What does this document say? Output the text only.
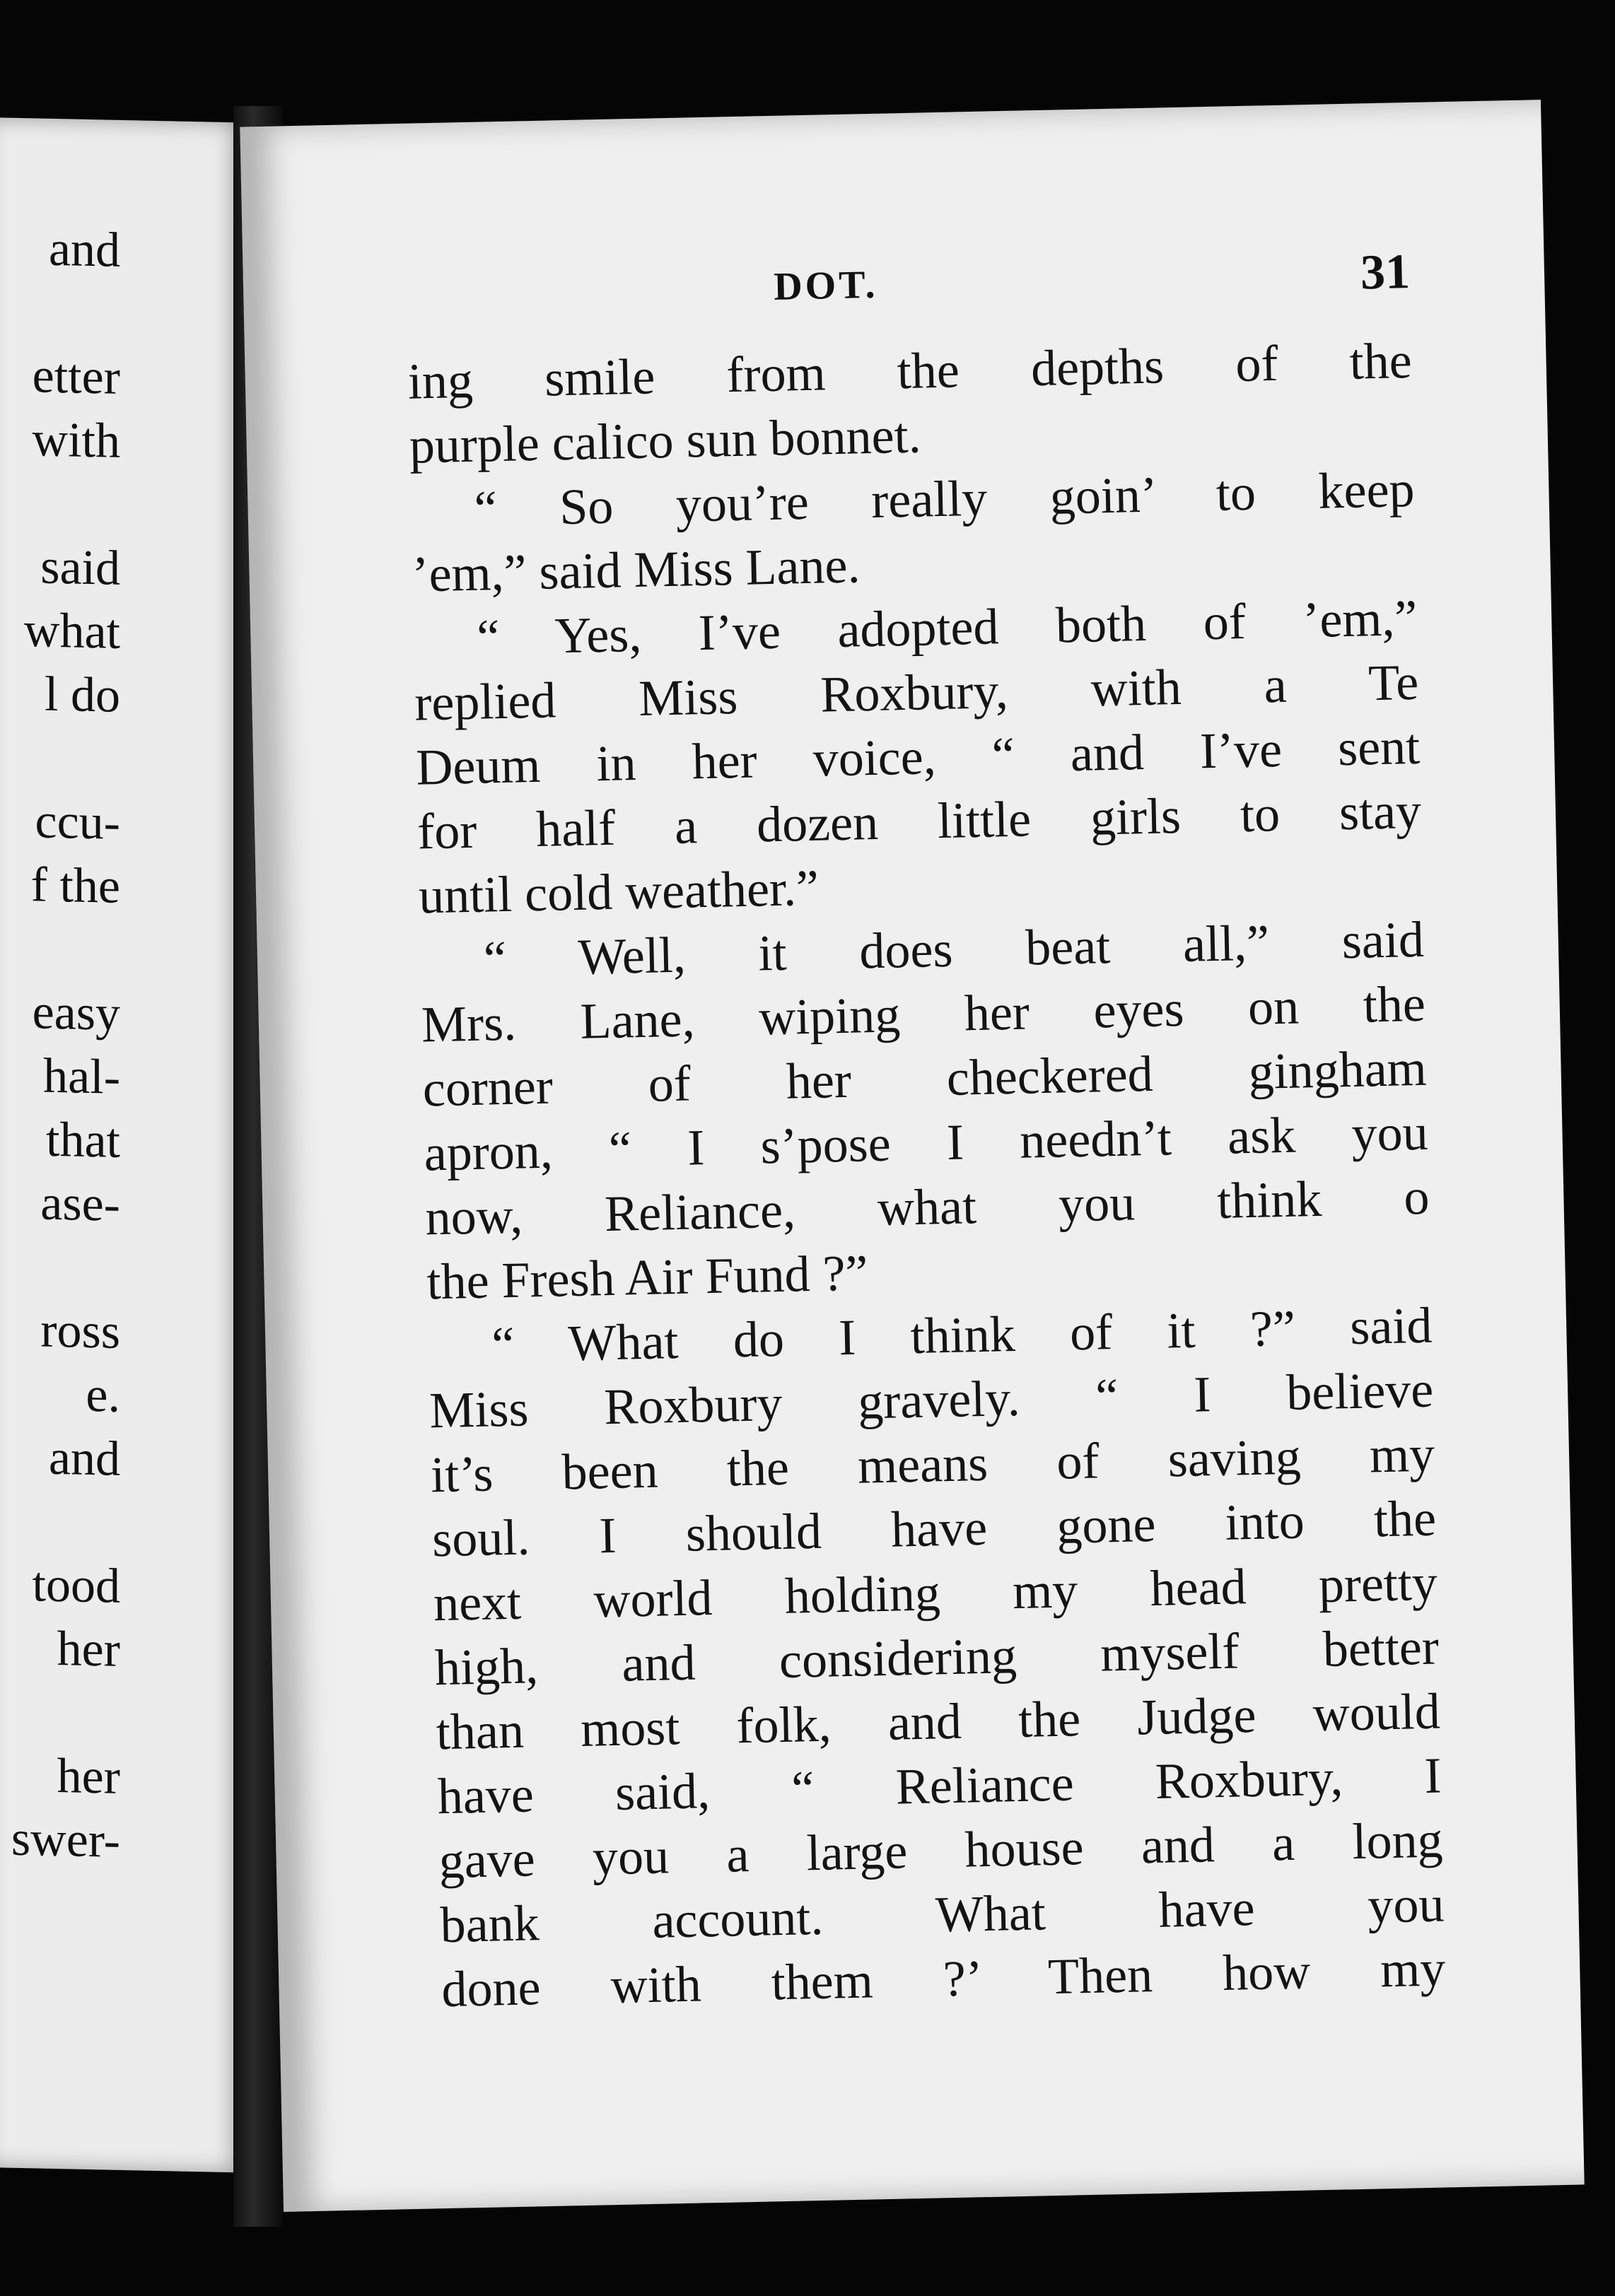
and
etter
with
said
what
l do
ccu-
f the
easy
hal-
that
ase-
ross
e.
and
tood
her
her
swer-
DOT.	31
ing smile from the depths of the
purple calico sun bonnet.
“ So you’re really goin’ to keep
’em,” said Miss Lane.
“ Yes, I’ve adopted both of ’em,”
replied Miss Roxbury, with a Te
Deum in her voice, “ and I’ve sent
for half a dozen little girls to stay
until cold weather.”
“ Well, it does beat all,” said
Mrs. Lane, wiping her eyes on the
corner of her checkered gingham
apron, “ I s’pose I needn’t ask you
now, Reliance, what you think o
the Fresh Air Fund ?”
“ What do I think of it ?” said
Miss Roxbury gravely. “ I believe
it’s been the means of saving my
soul. I should have gone into the
next world holding my head pretty
high, and considering myself better
than most folk, and the Judge would
have said, “ Reliance Roxbury, I
gave you a large house and a long
bank account. What have you
done with them ?’ Then how my
